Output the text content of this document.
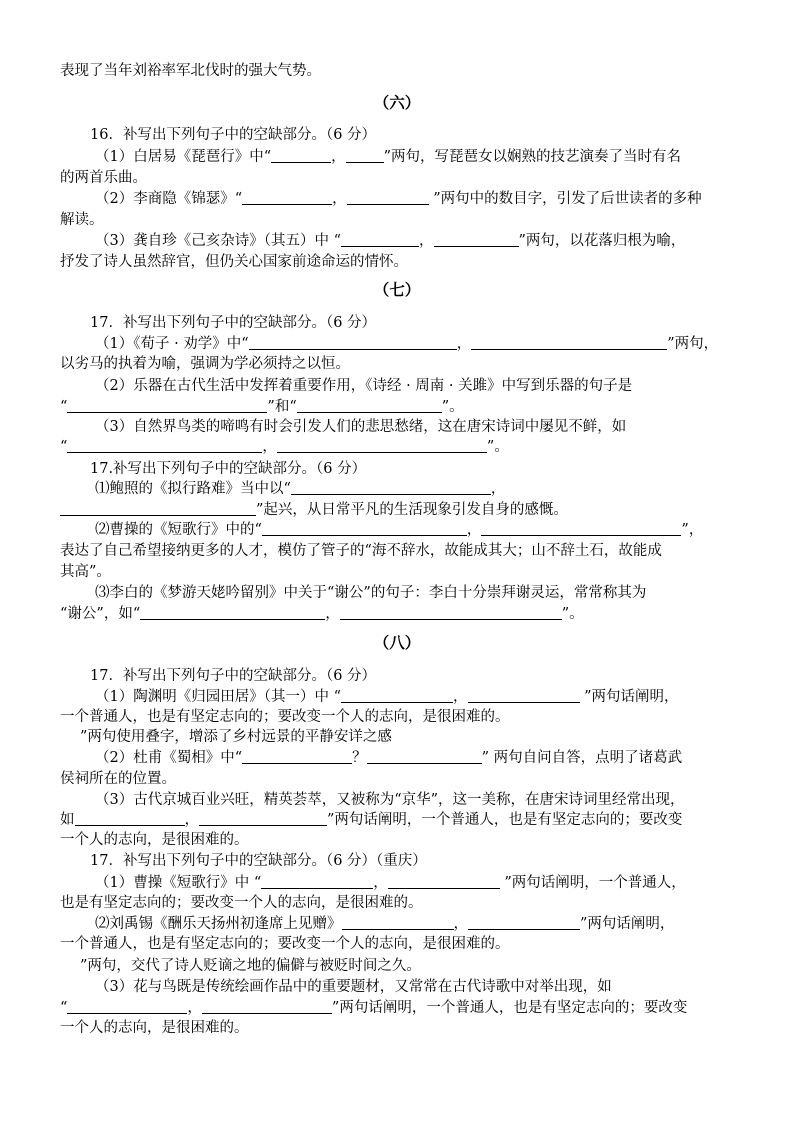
表现了当年刘裕率军北伐时的强大气势。
（六）
16．补写出下列句子中的空缺部分。（6 分）
（1）白居易《琵琶行》中“	，	”两句，写琵琶女以娴熟的技艺演奏了当时有名
的两首乐曲。
（2）李商隐《锦瑟》“	，	”两句中的数目字，引发了后世读者的多种
解读。
（3）龚自珍《己亥杂诗》（其五）中 “	，	”两句，以花落归根为喻，
抒发了诗人虽然辞官，但仍关心国家前途命运的情怀。
（七）
17．补写出下列句子中的空缺部分。（6 分）
（1）《荀子 · 劝学》中“	，	”两句，
以劣马的执着为喻，强调为学必须持之以恒。
（2）乐器在古代生活中发挥着重要作用，《诗经 · 周南 · 关雎》中写到乐器的句子是
“	”和“	”。
（3）自然界鸟类的啼鸣有时会引发人们的悲思愁绪，这在唐宋诗词中屡见不鲜，如
“	，	”。
17.补写出下列句子中的空缺部分。（6 分）
⑴鲍照的《拟行路难》当中以“	，
”起兴，从日常平凡的生活现象引发自身的感慨。
⑵曹操的《短歌行》中的“	，	”，
表达了自己希望接纳更多的人才，模仿了管子的“海不辞水，故能成其大；山不辞土石，故能成
其高”。
⑶李白的《梦游天姥吟留别》中关于“谢公”的句子：李白十分崇拜谢灵运，常常称其为
“谢公”，如“	，	”。
（八）
17．补写出下列句子中的空缺部分。（6 分）
（1）陶渊明《归园田居》（其一）中 “	，	”两句话阐明，
一个普通人，也是有坚定志向的；要改变一个人的志向，是很困难的。
”两句使用叠字，增添了乡村远景的平静安详之感
（2）杜甫《蜀相》中“	？	” 两句自问自答，点明了诸葛武
侯祠所在的位置。
（3）古代京城百业兴旺，精英荟萃，又被称为“京华”，这一美称，在唐宋诗词里经常出现，
如	，	”两句话阐明，一个普通人，也是有坚定志向的；要改变
一个人的志向，是很困难的。
17．补写出下列句子中的空缺部分。（6 分）（重庆）
（1）曹操《短歌行》中 “	，	”两句话阐明，一个普通人，
也是有坚定志向的；要改变一个人的志向，是很困难的。
⑵刘禹锡《酬乐天扬州初逢席上见赠》	，	”两句话阐明，
一个普通人，也是有坚定志向的；要改变一个人的志向，是很困难的。
”两句，交代了诗人贬谪之地的偏僻与被贬时间之久。
（3）花与鸟既是传统绘画作品中的重要题材，又常常在古代诗歌中对举出现，如
“	，	”两句话阐明，一个普通人，也是有坚定志向的；要改变
一个人的志向，是很困难的。
